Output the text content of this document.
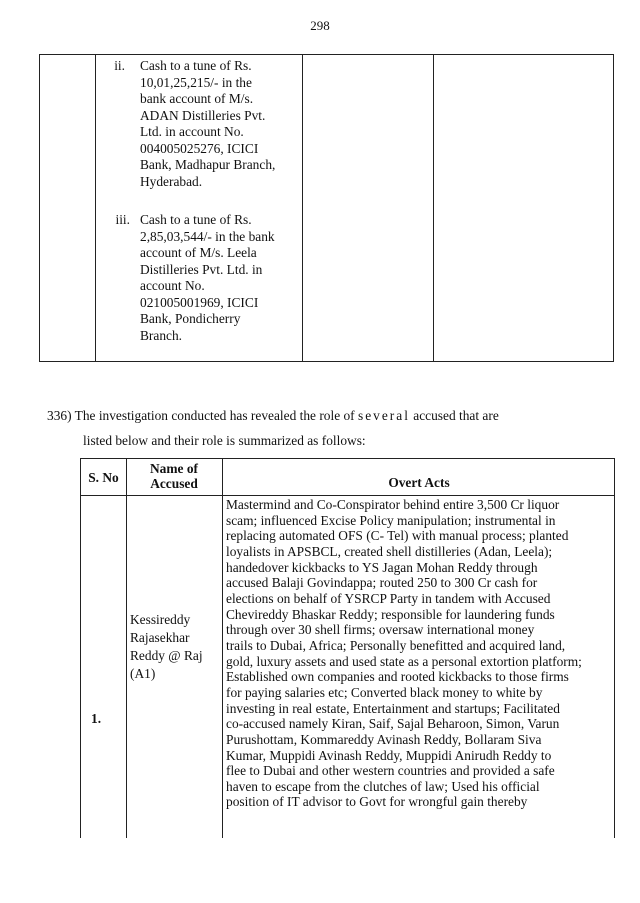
298
ii. Cash to a tune of Rs.
10,01,25,215/- in the
bank account of M/s.
ADAN Distilleries Pvt.
Ltd. in account No.
004005025276, ICICI
Bank, Madhapur Branch,
Hyderabad.
iii. Cash to a tune of Rs.
2,85,03,544/- in the bank
account of M/s. Leela
Distilleries Pvt. Ltd. in
account No.
021005001969, ICICI
Bank, Pondicherry
Branch.
336) The investigation conducted has revealed the role of several accused that are
listed below and their role is summarized as follows:
S. No
Name of
Accused	Overt Acts
1.
Kessireddy
Rajasekhar
Reddy @ Raj
(A1)

Mastermind and Co-Conspirator behind entire 3,500 Cr liquor

scam; influenced Excise Policy manipulation; instrumental in

replacing automated OFS (C- Tel) with manual process; planted

loyalists in APSBCL, created shell distilleries (Adan, Leela);

handedover kickbacks to YS Jagan Mohan Reddy through

accused Balaji Govindappa; routed 250 to 300 Cr cash for

elections on behalf of YSRCP Party in tandem with Accused

Chevireddy Bhaskar Reddy; responsible for laundering funds

through over 30 shell firms; oversaw international money

trails to Dubai, Africa; Personally benefitted and acquired land,

gold, luxury assets and used state as a personal extortion platform;

Established own companies and rooted kickbacks to those firms

for paying salaries etc; Converted black money to white by

investing in real estate, Entertainment and startups; Facilitated

co-accused namely Kiran, Saif, Sajal Beharoon, Simon, Varun

Purushottam, Kommareddy Avinash Reddy, Bollaram Siva

Kumar, Muppidi Avinash Reddy, Muppidi Anirudh Reddy to

flee to Dubai and other western countries and provided a safe

haven to escape from the clutches of law; Used his official

position of IT advisor to Govt for wrongful gain thereby
